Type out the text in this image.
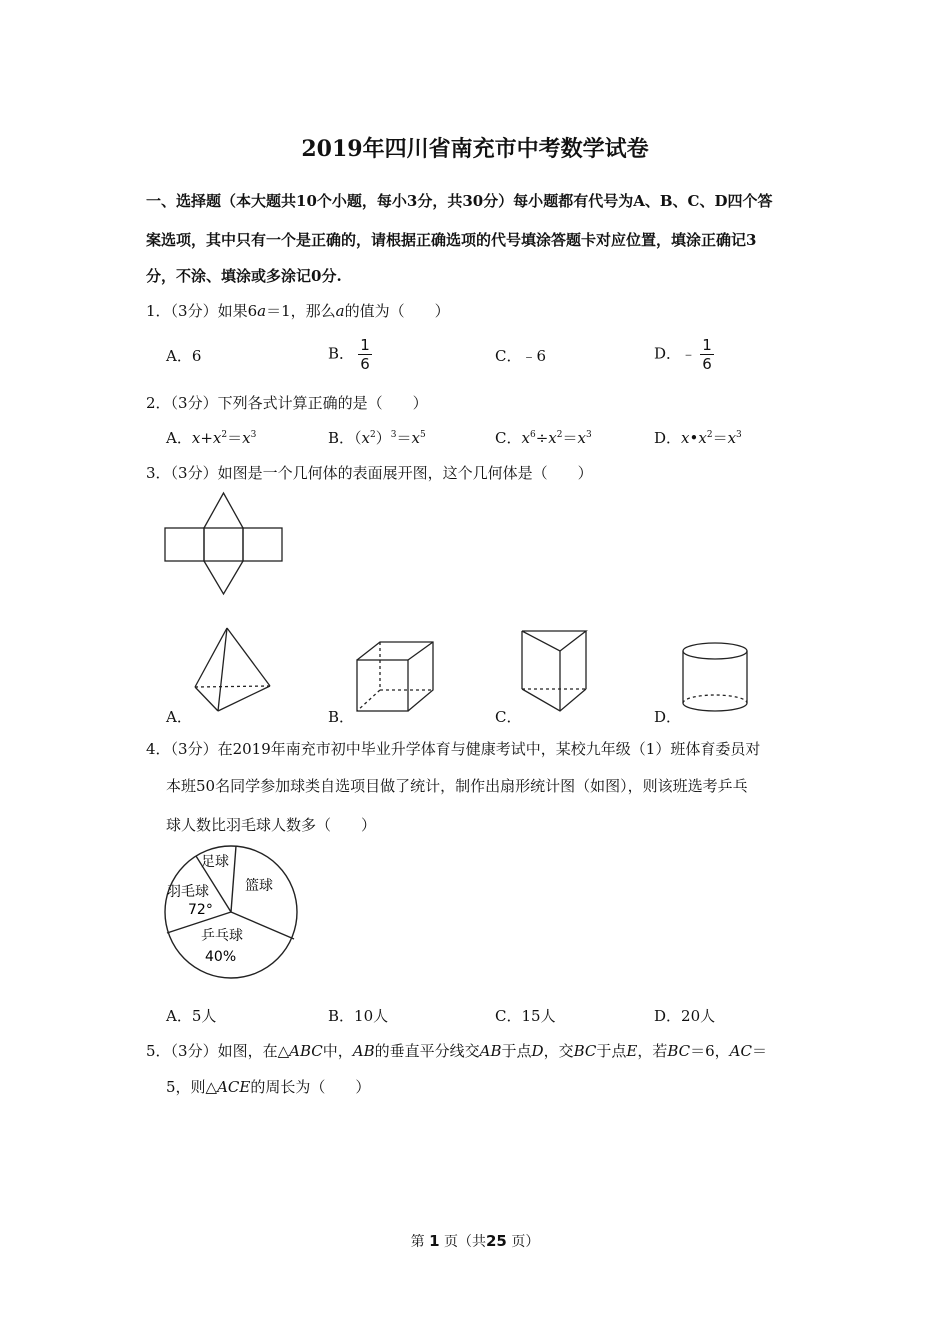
2019年四川省南充市中考数学试卷
一、选择题（本大题共10个小题，每小3分，共30分）每小题都有代号为A、B、C、D四个答
案选项，其中只有一个是正确的，请根据正确选项的代号填涂答题卡对应位置，填涂正确记3
分，不涂、填涂或多涂记0分.
1．（3分）如果6a＝1，那么a的值为（　　）
A．6	B． $\frac{1}{6}$	C．﹣6	D．﹣ $\frac{1}{6}$
2．（3分）下列各式计算正确的是（　　）
A．$x+x^2=x^3$	B．$(x^2)^3=x^5$	C．$x^6\div x^2=x^3$	D．$x•x^2=x^3$
3．（3分）如图是一个几何体的表面展开图，这个几何体是（　　）
A．	B．	C．	D．
4．（3分）在2019年南充市初中毕业升学体育与健康考试中，某校九年级（1）班体育委员对
本班50名同学参加球类自选项目做了统计，制作出扇形统计图（如图），则该班选考乒乓
球人数比羽毛球人数多（　　）
足球
篮球
羽毛球
72°
乒乓球
40%
A．5人	B．10人	C．15人	D．20人
5．（3分）如图，在△ABC中，AB的垂直平分线交AB于点D，交BC于点E，若BC＝6，AC＝
5，则△ACE的周长为（　　）
第 1 页（共25 页）
